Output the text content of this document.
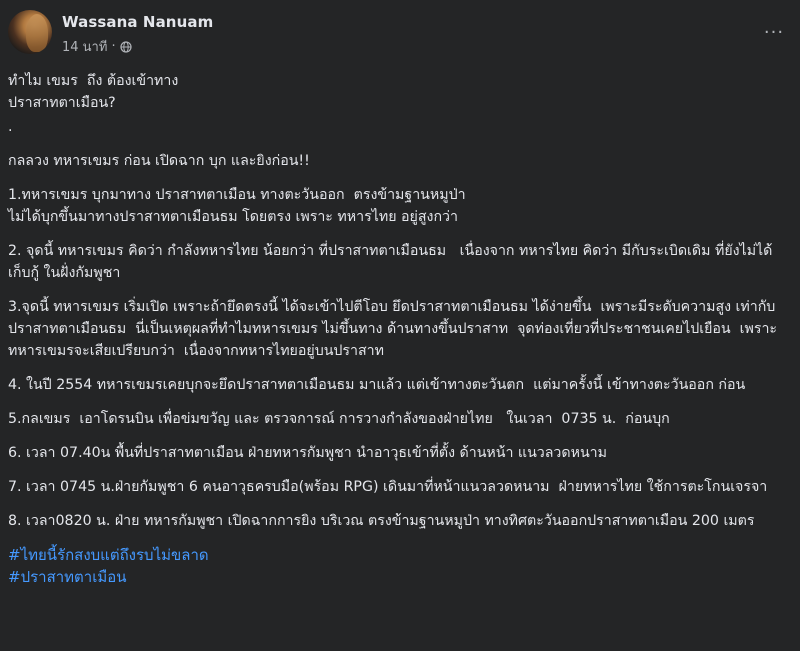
Wassana Nanuam
14 นาที ·
···

ทำไม เขมร  ถึง ต้องเข้าทาง
ปราสาทตาเมือน?

.

กลลวง ทหารเขมร ก่อน เปิดฉาก บุก และยิงก่อน!!

1.ทหารเขมร บุกมาทาง ปราสาทตาเมือน ทางตะวันออก  ตรงข้ามฐานหมูป่า
ไม่ได้บุกขึ้นมาทางปราสาทตาเมือนธม โดยตรง เพราะ ทหารไทย อยู่สูงกว่า

2. จุดนี้ ทหารเขมร คิดว่า กำลังทหารไทย น้อยกว่า ที่ปราสาทตาเมือนธม   เนื่องจาก ทหารไทย คิดว่า มีกับระเบิดเดิม ที่ยังไม่ได้เก็บกู้ ในฝั่งกัมพูชา

3.จุดนี้ ทหารเขมร เริ่มเปิด เพราะถ้ายึดตรงนี้ ได้จะเข้าไปตีโอบ ยึดปราสาทตาเมือนธม ได้ง่ายขึ้น  เพราะมีระดับความสูง เท่ากับ ปราสาทตาเมือนธม  นี่เป็นเหตุผลที่ทำไมทหารเขมร ไม่ขึ้นทาง ด้านทางขึ้นปราสาท  จุดท่องเที่ยวที่ประชาชนเคยไปเยือน  เพราะทหารเขมรจะเสียเปรียบกว่า  เนื่องจากทหารไทยอยู่บนปราสาท

4. ในปี 2554 ทหารเขมรเคยบุกจะยึดปราสาทตาเมือนธม มาแล้ว แต่เข้าทางตะวันตก  แต่มาครั้งนี้ เข้าทางตะวันออก ก่อน

5.กลเขมร  เอาโดรนบิน เพื่อข่มขวัญ และ ตรวจการณ์ การวางกำลังของฝ่ายไทย   ในเวลา  0735 น.  ก่อนบุก

6. เวลา 07.40น พื้นที่ปราสาทตาเมือน ฝ่ายทหารกัมพูชา นำอาวุธเข้าที่ตั้ง ด้านหน้า แนวลวดหนาม

7. เวลา 0745 น.ฝ่ายกัมพูชา 6 คนอาวุธครบมือ(พร้อม RPG) เดินมาที่หน้าแนวลวดหนาม  ฝ่ายทหารไทย ใช้การตะโกนเจรจา

8. เวลา0820 น. ฝ่าย ทหารกัมพูชา เปิดฉากการยิง บริเวณ ตรงข้ามฐานหมูป่า ทางทิศตะวันออกปราสาทตาเมือน 200 เมตร

#ไทยนี้รักสงบแต่ถึงรบไม่ขลาด
#ปราสาทตาเมือน
